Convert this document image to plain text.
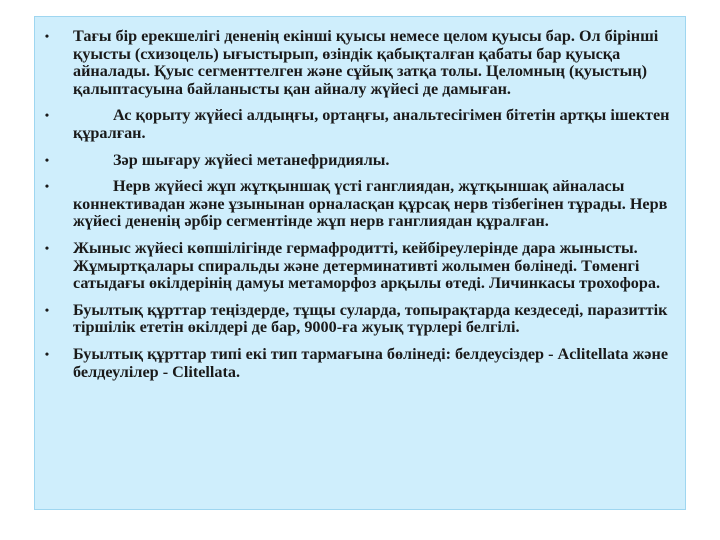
•	Тағы бір ерекшелігі дененің екінші қуысы немесе целом қуысы бар. Ол бірінші қуысты (схизоцель) ығыстырып, өзіндік қабықталған қабаты бар қуысқа айналады. Қуыс сегменттелген және сұйық затқа толы. Целомның (қуыстың) қалыптасуына байланысты қан айналу жүйесі де дамыған.
•	Ас қорыту жүйесі алдыңғы, ортаңғы, анальтесігімен бітетін артқы ішектен құралған.
•	Зәр шығару жүйесі метанефридиялы.
•	Нерв жүйесі жұп жұтқыншақ үсті ганглиядан, жұтқыншақ айналасы коннективадан және ұзынынан орналасқан құрсақ нерв тізбегінен тұрады. Нерв жүйесі дененің әрбір сегментінде жұп нерв ганглиядан құралған.
•	Жыныс жүйесі көпшілігінде гермафродитті, кейбіреулерінде дара жынысты. Жұмыртқалары спиральды және детерминативті жолымен бөлінеді. Төменгі сатыдағы өкілдерінің дамуы метаморфоз арқылы өтеді. Личинкасы трохофора.
•	Буылтық құрттар теңіздерде, тұщы суларда, топырақтарда кездеседі, паразиттік тіршілік ететін өкілдері де бар, 9000-ға жуық түрлері белгілі.
•	Буылтық құрттар типі екі тип тармағына бөлінеді: белдеусіздер - Aclitellata және белдеулілер - Clitellata.
